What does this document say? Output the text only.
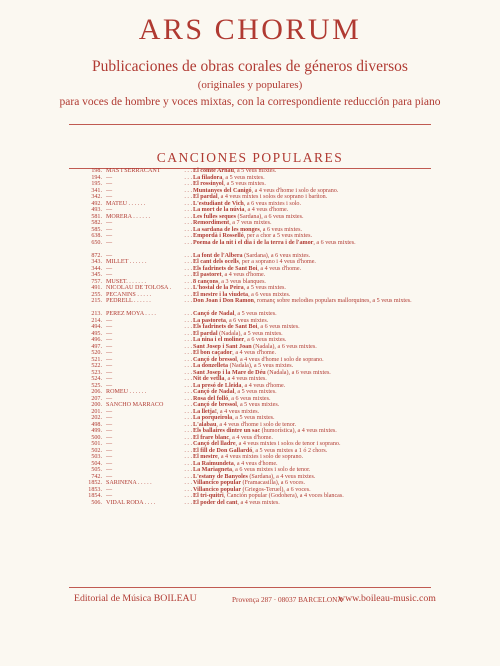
ARS CHORUM
Publicaciones de obras corales de géneros diversos
(originales y populares)
para voces de hombre y voces mixtas, con la correspondiente reducción para piano
CANCIONES POPULARES
198. MAS I SERRACANT	. . . El comte Arnau, a 5 veus mixtes.
194. —	. . . La filadora, a 5 veus mixtes.
195. —	. . . El rossinyol, a 5 veus mixtes.
341. —	. . . Muntanyes del Canigó, a 4 veus d'home i solo de soprano.
342. —	. . . El pardal, a 4 veus mixtes i solos de soprano i baríton.
492. MATEU . . . . . .	. . . L'estudiant de Vich, a 6 veus mixtes i solo.
493. —	. . . La mort de la núvia, a 4 veus d'home.
581. MORERA . . . . . .	. . . Les fulles seques (Sardana), a 6 veus mixtes.
582. —	. . . Remordiment, a 7 veus mixtes.
585. —	. . . La sardana de les monges, a 6 veus mixtes.
638. —	. . . Empordà i Rosselló, per a chor a 5 veus mixtes.
650. —	. . . Poema de la nit i el dia i de la terra i de l'amor, a 6 veus mixtes.
872. —	. . . La font de l'Albera (Sardana), a 6 veus mixtes.
343. MILLET . . . . . .	. . . El cant dels ocells, per a soprano i 4 veus d'home.
344. —	. . . Els fadrinets de Sant Boi, a 4 veus d'home.
345. —	. . . El pastoret, a 4 veus d'home.
757. MUSET. . . . . . .	. . . 8 cançons, a 3 veus blanques.
491. NICOLAU DE TOLOSA .	. . . L'hostal de la Peira, a 5 veus mixtes.
255. PECANINS . . . . .	. . . El mestre i la viudeta, a 6 veus mixtes.
215. PEDRELL . . . . . .	. . . Don Joan i Don Ramon, romanç sobre melodies populars mallorquines, a 5 veus mixtes.
213. PÉREZ MOYA . . . .	. . . Cançó de Nadal, a 5 veus mixtes.
214. —	. . . La pastoreta, a 6 veus mixtes.
494. —	. . . Els fadrinets de Sant Boi, a 6 veus mixtes.
495. —	. . . El pardal (Nadala), a 5 veus mixtes.
496. —	. . . La nina i el moliner, a 6 veus mixtes.
497. —	. . . Sant Josep i Sant Joan (Nadala), a 6 veus mixtes.
520. —	. . . El bon caçador, a 4 veus d'home.
521. —	. . . Cançó de bressol, a 4 veus d'home i solo de soprano.
522. —	. . . La donzelleta (Nadala), a 5 veus mixtes.
523. —	. . . Sant Josep i la Mare de Déu (Nadala), a 6 veus mixtes.
524. —	. . . Nit de vetlla, a 4 veus mixtes.
525. —	. . . La presó de Lleida, a 4 veus d'home.
206. ROMEU . . . . . .	. . . Cançó de Nadal, a 5 veus mixtes.
207. —	. . . Rosa del folló, a 6 veus mixtes.
200. SANCHO MARRACÓ	. . . Cançó de bressol, a 5 veus mixtes.
201. —	. . . La lletja!, a 4 veus mixtes.
202. —	. . . La porqueirola, a 5 veus mixtes.
498. —	. . . L'alabau, a 4 veus d'home i solo de tenor.
499. —	. . . Els ballaires dintre un sac (humorística), a 4 veus mixtes.
500. —	. . . El frare blanc, a 4 veus d'home.
501. —	. . . Cançó del lladre, a 4 veus mixtes i solos de tenor i soprano.
502. —	. . . El fill de Don Gallardó, a 5 veus mixtes a 1 ó 2 chors.
503. —	. . . El mestre, a 4 veus mixtes i solo de soprano.
504. —	. . . La Raimundeta, a 4 veus d'home.
505. —	. . . La Mariagneta, a 6 veus mixtes i solo de tenor.
742. —	. . . L'estany de Banyoles (Sardana), a 4 veus mixtes.
1852. SARIÑENA . . . . .	. . . Villancico popular (Framacasilla), a 6 voces.
1853. —	. . . Villancico popular (Griegos-Teruel), a 6 voces.
1854. —	. . . El tri-quitri, Canción popular (Godohera), a 4 voces blancas.
506. VIDAL RODA . . . .	. . . El poder del cant, a 4 veus mixtes.
Editorial de Música BOILEAU	Provença 287 · 08037 BARCELONA
www.boileau-music.com
